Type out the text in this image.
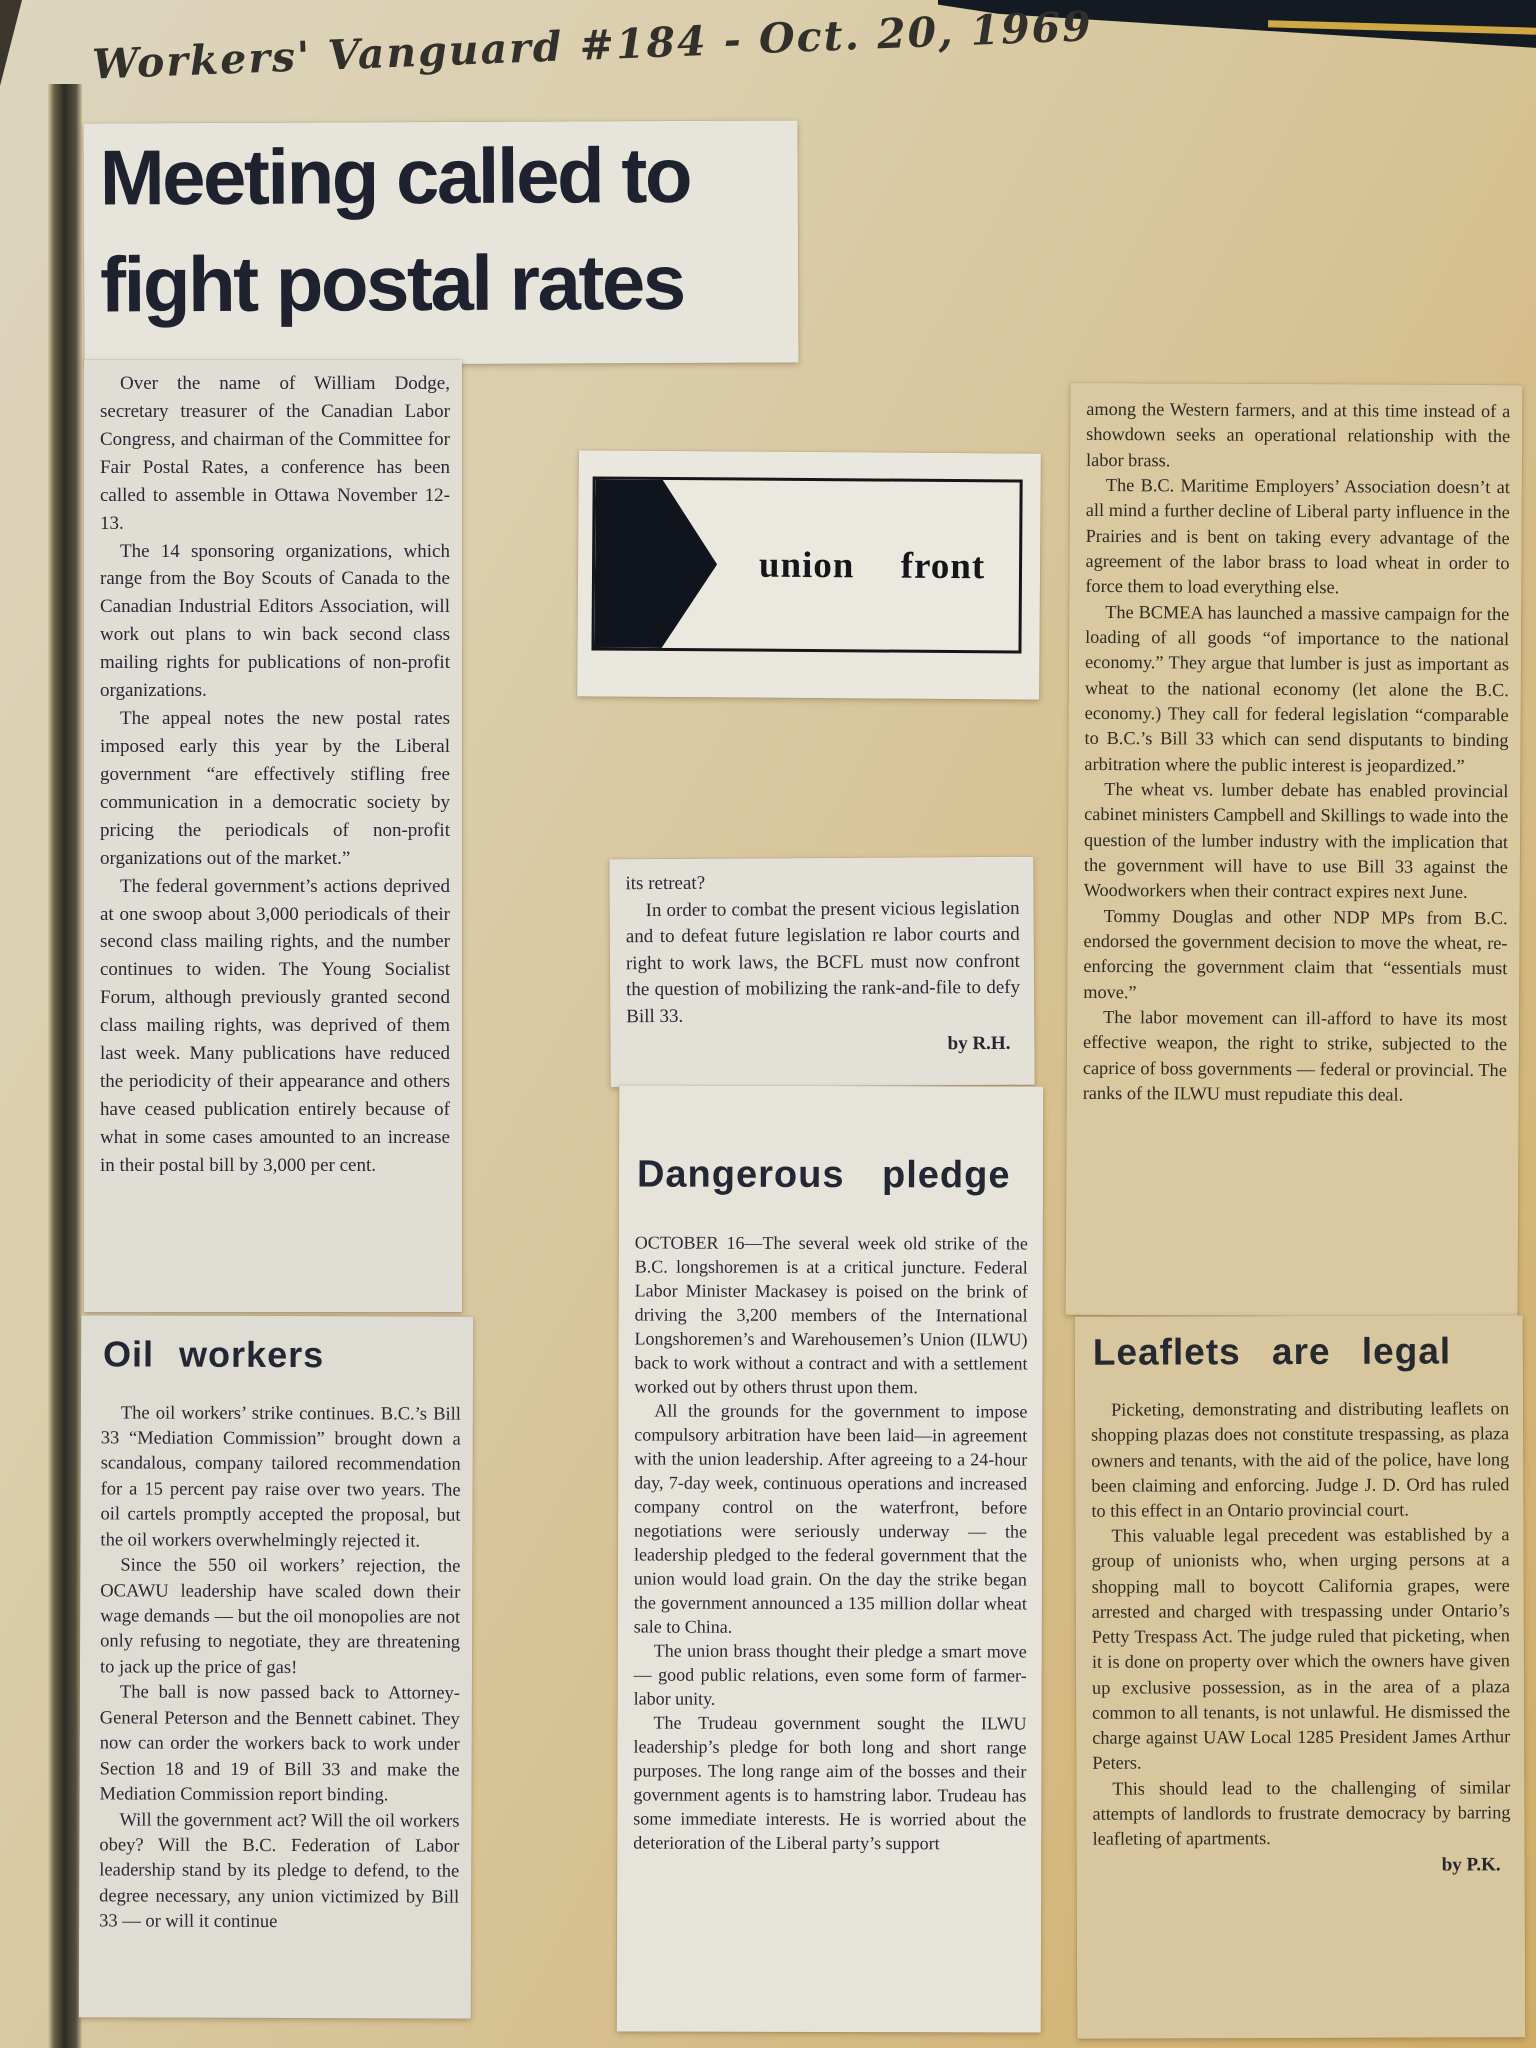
Workers' Vanguard #184 - Oct. 20, 1969
Meeting called to
fight postal rates

Over the name of William Dodge, secretary treasurer of the Canadian Labor Congress, and chairman of the Committee for Fair Postal Rates, a conference has been called to assemble in Ottawa November 12-13.

The 14 sponsoring organizations, which range from the Boy Scouts of Canada to the Canadian Industrial Editors Association, will work out plans to win back second class mailing rights for publications of non-profit organizations.

The appeal notes the new postal rates imposed early this year by the Liberal government “are effectively stifling free communication in a democratic society by pricing the periodicals of non-profit organizations out of the market.”

The federal government’s actions deprived at one swoop about 3,000 periodicals of their second class mailing rights, and the number continues to widen. The Young Socialist Forum, although previously granted second class mailing rights, was deprived of them last week. Many publications have reduced the periodicity of their appearance and others have ceased publication entirely because of what in some cases amounted to an increase in their postal bill by 3,000 per cent.

Oil workers

The oil workers’ strike continues. B.C.’s Bill 33 “Mediation Commission” brought down a scandalous, company tailored recommendation for a 15 percent pay raise over two years. The oil cartels promptly accepted the proposal, but the oil workers overwhelmingly rejected it.

Since the 550 oil workers’ rejection, the OCAWU leadership have scaled down their wage demands — but the oil monopolies are not only refusing to negotiate, they are threatening to jack up the price of gas!

The ball is now passed back to Attorney-General Peterson and the Bennett cabinet. They now can order the workers back to work under Section 18 and 19 of Bill 33 and make the Mediation Commission report binding.

Will the government act? Will the oil workers obey? Will the B.C. Federation of Labor leadership stand by its pledge to defend, to the degree necessary, any union victimized by Bill 33 — or will it continue

union front

its retreat?

In order to combat the present vicious legislation and to defeat future legislation re labor courts and right to work laws, the BCFL must now confront the question of mobilizing the rank-and-file to defy Bill 33.

by R.H.
Dangerous pledge

OCTOBER 16—The several week old strike of the B.C. longshoremen is at a critical juncture. Federal Labor Minister Mackasey is poised on the brink of driving the 3,200 members of the International Longshoremen’s and Warehousemen’s Union (ILWU) back to work without a contract and with a settlement worked out by others thrust upon them.

All the grounds for the government to impose compulsory arbitration have been laid—in agreement with the union leadership. After agreeing to a 24-hour day, 7-day week, continuous operations and increased company control on the waterfront, before negotiations were seriously underway — the leadership pledged to the federal government that the union would load grain. On the day the strike began the government announced a 135 million dollar wheat sale to China.

The union brass thought their pledge a smart move — good public relations, even some form of farmer-labor unity.

The Trudeau government sought the ILWU leadership’s pledge for both long and short range purposes. The long range aim of the bosses and their government agents is to hamstring labor. Trudeau has some immediate interests. He is worried about the deterioration of the Liberal party’s support

among the Western farmers, and at this time instead of a showdown seeks an operational relationship with the labor brass.

The B.C. Maritime Employers’ Association doesn’t at all mind a further decline of Liberal party influence in the Prairies and is bent on taking every advantage of the agreement of the labor brass to load wheat in order to force them to load everything else.

The BCMEA has launched a massive campaign for the loading of all goods “of importance to the national economy.” They argue that lumber is just as important as wheat to the national economy (let alone the B.C. economy.) They call for federal legislation “comparable to B.C.’s Bill 33 which can send disputants to binding arbitration where the public interest is jeopardized.”

The wheat vs. lumber debate has enabled provincial cabinet ministers Campbell and Skillings to wade into the question of the lumber industry with the implication that the government will have to use Bill 33 against the Woodworkers when their contract expires next June.

Tommy Douglas and other NDP MPs from B.C. endorsed the government decision to move the wheat, re-enforcing the government claim that “essentials must move.”

The labor movement can ill-afford to have its most effective weapon, the right to strike, subjected to the caprice of boss governments — federal or provincial. The ranks of the ILWU must repudiate this deal.

Leaflets are legal

Picketing, demonstrating and distributing leaflets on shopping plazas does not constitute trespassing, as plaza owners and tenants, with the aid of the police, have long been claiming and enforcing. Judge J. D. Ord has ruled to this effect in an Ontario provincial court.

This valuable legal precedent was established by a group of unionists who, when urging persons at a shopping mall to boycott California grapes, were arrested and charged with trespassing under Ontario’s Petty Trespass Act. The judge ruled that picketing, when it is done on property over which the owners have given up exclusive possession, as in the area of a plaza common to all tenants, is not unlawful. He dismissed the charge against UAW Local 1285 President James Arthur Peters.

This should lead to the challenging of similar attempts of landlords to frustrate democracy by barring leafleting of apartments.

by P.K.
